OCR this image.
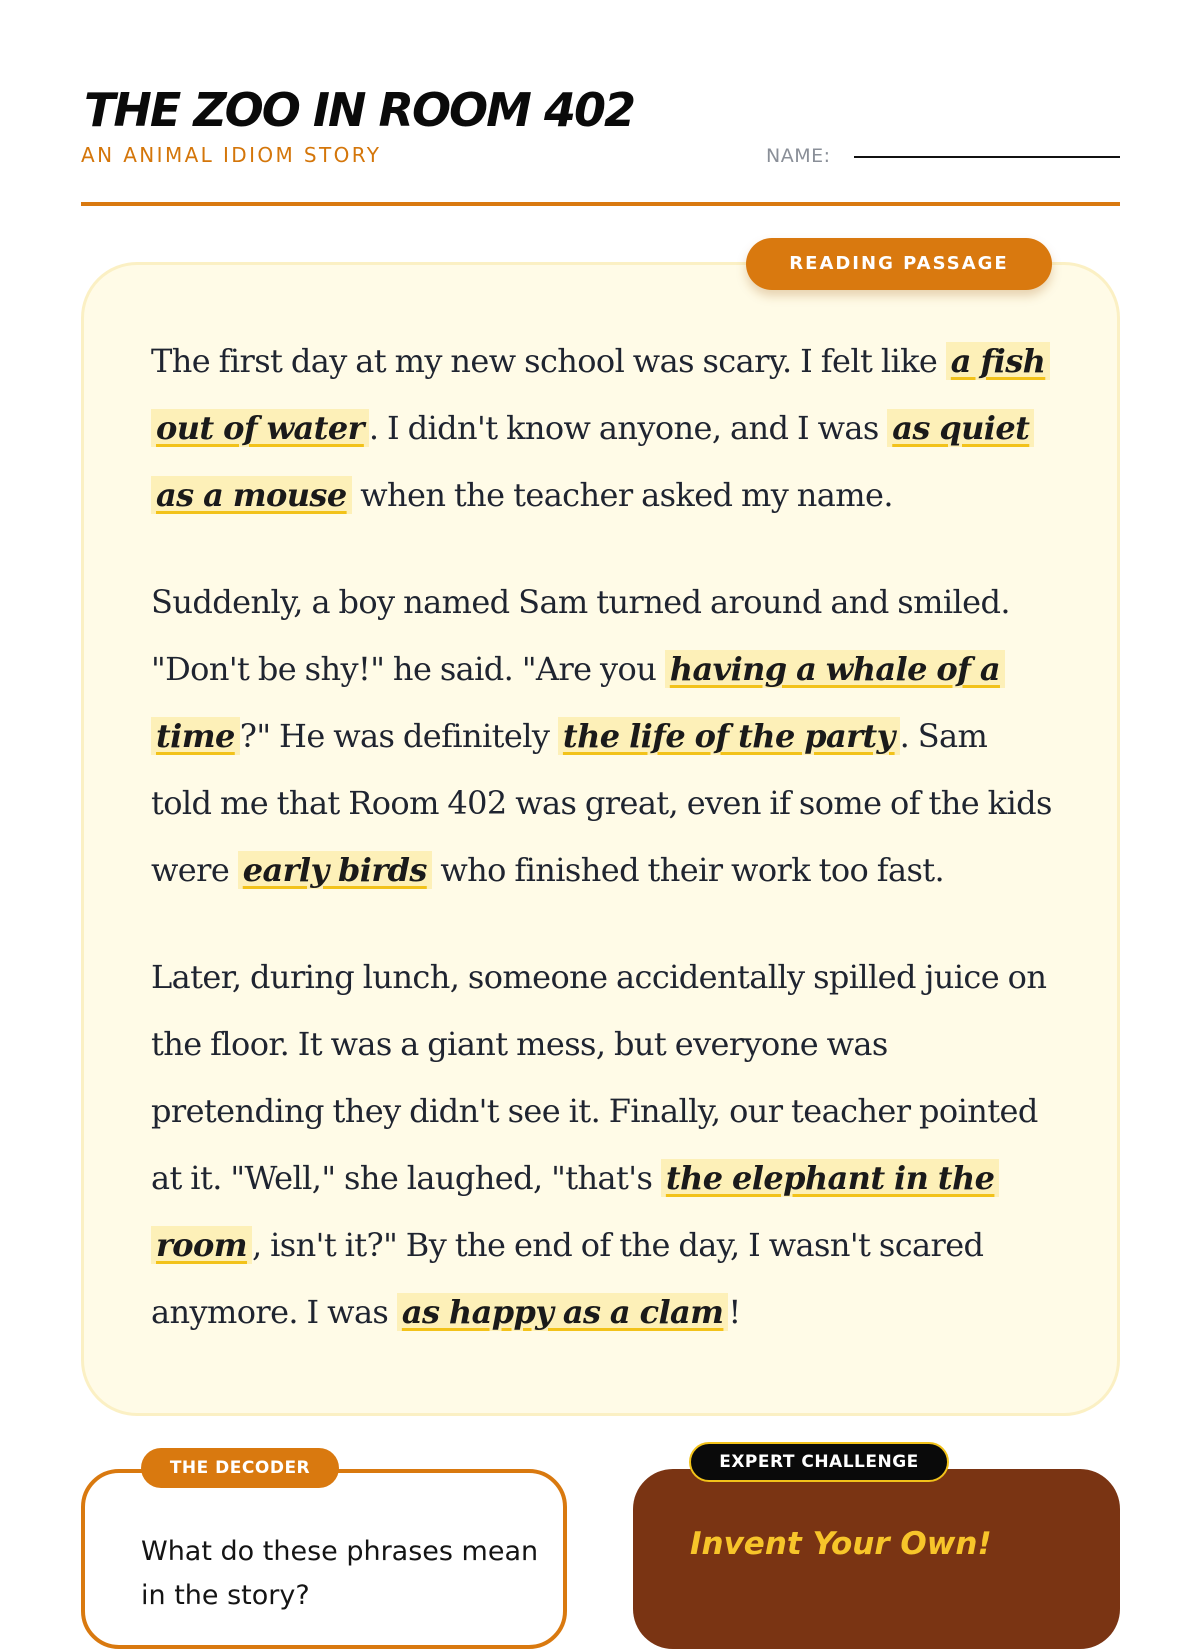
THE ZOO IN ROOM 402
AN ANIMAL IDIOM STORY	NAME:
READING PASSAGE

The first day at my new school was scary. I felt like a fish out of water . I didn't know anyone, and I was as quiet as a mouse when the teacher asked my name.

Suddenly, a boy named Sam turned around and smiled. "Don't be shy!" he said. "Are you having a whale of a time ?" He was definitely the life of the party . Sam told me that Room 402 was great, even if some of the kids were early birds who finished their work too fast.

Later, during lunch, someone accidentally spilled juice on the floor. It was a giant mess, but everyone was pretending they didn't see it. Finally, our teacher pointed at it. "Well," she laughed, "that's the elephant in the room , isn't it?" By the end of the day, I wasn't scared anymore. I was as happy as a clam !

THE DECODER
What do these phrases mean in the story?
EXPERT CHALLENGE
Invent Your Own!
